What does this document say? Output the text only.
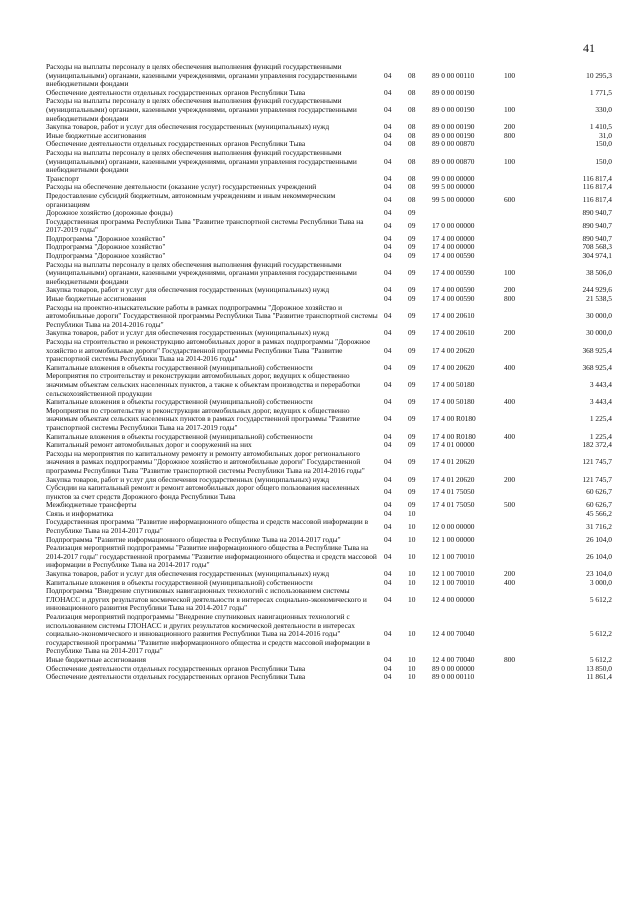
41
Расходы на выплаты персоналу в целях обеспечения выполнения функций государственными (муниципальными) органами, казенными учреждениями, органами управления государственными внебюджетными фондами	04	08	89 0 00 00110	100	10 295,3
Обеспечение деятельности отдельных государственных органов Республики Тыва	04	08	89 0 00 00190		1 771,5
Расходы на выплаты персоналу в целях обеспечения выполнения функций государственными (муниципальными) органами, казенными учреждениями, органами управления государственными внебюджетными фондами	04	08	89 0 00 00190	100	330,0
Закупка товаров, работ и услуг для обеспечения государственных (муниципальных) нужд	04	08	89 0 00 00190	200	1 410,5
Иные бюджетные ассигнования	04	08	89 0 00 00190	800	31,0
Обеспечение деятельности отдельных государственных органов Республики Тыва	04	08	89 0 00 00870		150,0
Расходы на выплаты персоналу в целях обеспечения выполнения функций государственными (муниципальными) органами, казенными учреждениями, органами управления государственными внебюджетными фондами	04	08	89 0 00 00870	100	150,0
Транспорт	04	08	99 0 00 00000		116 817,4
Расходы на обеспечение деятельности (оказание услуг) государственных учреждений	04	08	99 5 00 00000		116 817,4
Предоставление субсидий бюджетным, автономным учреждениям и иным некоммерческим организациям	04	08	99 5 00 00000	600	116 817,4
Дорожное хозяйство (дорожные фонды)	04	09			890 940,7
Государственная программа Республики Тыва "Развитие транспортной системы Республики Тыва на 2017-2019 годы"	04	09	17 0 00 00000		890 940,7
Подпрограмма "Дорожное хозяйство"	04	09	17 4 00 00000		890 940,7
Подпрограмма "Дорожное хозяйство"	04	09	17 4 00 00000		708 568,3
Подпрограмма "Дорожное хозяйство"	04	09	17 4 00 00590		304 974,1
Расходы на выплаты персоналу в целях обеспечения выполнения функций государственными (муниципальными) органами, казенными учреждениями, органами управления государственными внебюджетными фондами	04	09	17 4 00 00590	100	38 506,0
Закупка товаров, работ и услуг для обеспечения государственных (муниципальных) нужд	04	09	17 4 00 00590	200	244 929,6
Иные бюджетные ассигнования	04	09	17 4 00 00590	800	21 538,5
Расходы на проектно-изыскательские работы в рамках подпрограммы "Дорожное хозяйство и автомобильные дороги" Государственной программы Республики Тыва "Развитие транспортной системы Республики Тыва на 2014-2016 годы"	04	09	17 4 00 20610		30 000,0
Закупка товаров, работ и услуг для обеспечения государственных (муниципальных) нужд	04	09	17 4 00 20610	200	30 000,0
Расходы на строительство и реконструкцию автомобильных дорог в рамках подпрограммы "Дорожное хозяйство и автомобильные дороги" Государственной программы Республики Тыва "Развитие транспортной системы Республики Тыва на 2014-2016 годы"	04	09	17 4 00 20620		368 925,4
Капитальные вложения в объекты государственной (муниципальной) собственности	04	09	17 4 00 20620	400	368 925,4
Мероприятия по строительству и реконструкции автомобильных дорог, ведущих к общественно значимым объектам сельских населенных пунктов, а также к объектам производства и переработки сельскохозяйственной продукции	04	09	17 4 00 50180		3 443,4
Капитальные вложения в объекты государственной (муниципальной) собственности	04	09	17 4 00 50180	400	3 443,4
Мероприятия по строительству и реконструкции автомобильных дорог, ведущих к общественно значимым объектам сельских населенных пунктов в рамках государственной программы "Развитие транспортной системы Республики Тыва на 2017-2019 годы"	04	09	17 4 00 R0180		1 225,4
Капитальные вложения в объекты государственной (муниципальной) собственности	04	09	17 4 00 R0180	400	1 225,4
Капитальный ремонт автомобильных дорог и сооружений на них	04	09	17 4 01 00000		182 372,4
Расходы на мероприятия по капитальному ремонту и ремонту автомобильных дорог регионального значения в рамках подпрограммы "Дорожное хозяйство и автомобильные дороги" Государственной программы Республики Тыва "Развитие транспортной системы Республики Тыва на 2014-2016 годы"	04	09	17 4 01 20620		121 745,7
Закупка товаров, работ и услуг для обеспечения государственных (муниципальных) нужд	04	09	17 4 01 20620	200	121 745,7
Субсидии на капитальный ремонт и ремонт автомобильных дорог общего пользования населенных пунктов за счет средств Дорожного фонда Республики Тыва	04	09	17 4 01 75050		60 626,7
Межбюджетные трансферты	04	09	17 4 01 75050	500	60 626,7
Связь и информатика	04	10			45 566,2
Государственная программа "Развитие информационного общества и средств массовой информации в Республике Тыва на 2014-2017 годы"	04	10	12 0 00 00000		31 716,2
Подпрограмма "Развитие информационного общества в Республике Тыва на 2014-2017 годы"	04	10	12 1 00 00000		26 104,0
Реализация мероприятий подпрограммы "Развитие информационного общества в Республике Тыва на 2014-2017 годы" государственной программы "Развитие информационного общества и средств массовой информации в Республике Тыва на 2014-2017 годы"	04	10	12 1 00 70010		26 104,0
Закупка товаров, работ и услуг для обеспечения государственных (муниципальных) нужд	04	10	12 1 00 70010	200	23 104,0
Капитальные вложения в объекты государственной (муниципальной) собственности	04	10	12 1 00 70010	400	3 000,0
Подпрограмма "Внедрение спутниковых навигационных технологий с использованием системы ГЛОНАСС и других результатов космической деятельности в интересах социально-экономического и инновационного развития Республики Тыва на 2014-2017 годы"	04	10	12 4 00 00000		5 612,2
Реализация мероприятий подпрограммы "Внедрение спутниковых навигационных технологий с использованием системы ГЛОНАСС и других результатов космической деятельности в интересах социально-экономического и инновационного развития Республики Тыва на 2014-2016 годы" государственной программы "Развитие информационного общества и средств массовой информации в Республике Тыва на 2014-2017 годы"	04	10	12 4 00 70040		5 612,2
Иные бюджетные ассигнования	04	10	12 4 00 70040	800	5 612,2
Обеспечение деятельности отдельных государственных органов Республики Тыва	04	10	89 0 00 00000		13 850,0
Обеспечение деятельности отдельных государственных органов Республики Тыва	04	10	89 0 00 00110		11 861,4
